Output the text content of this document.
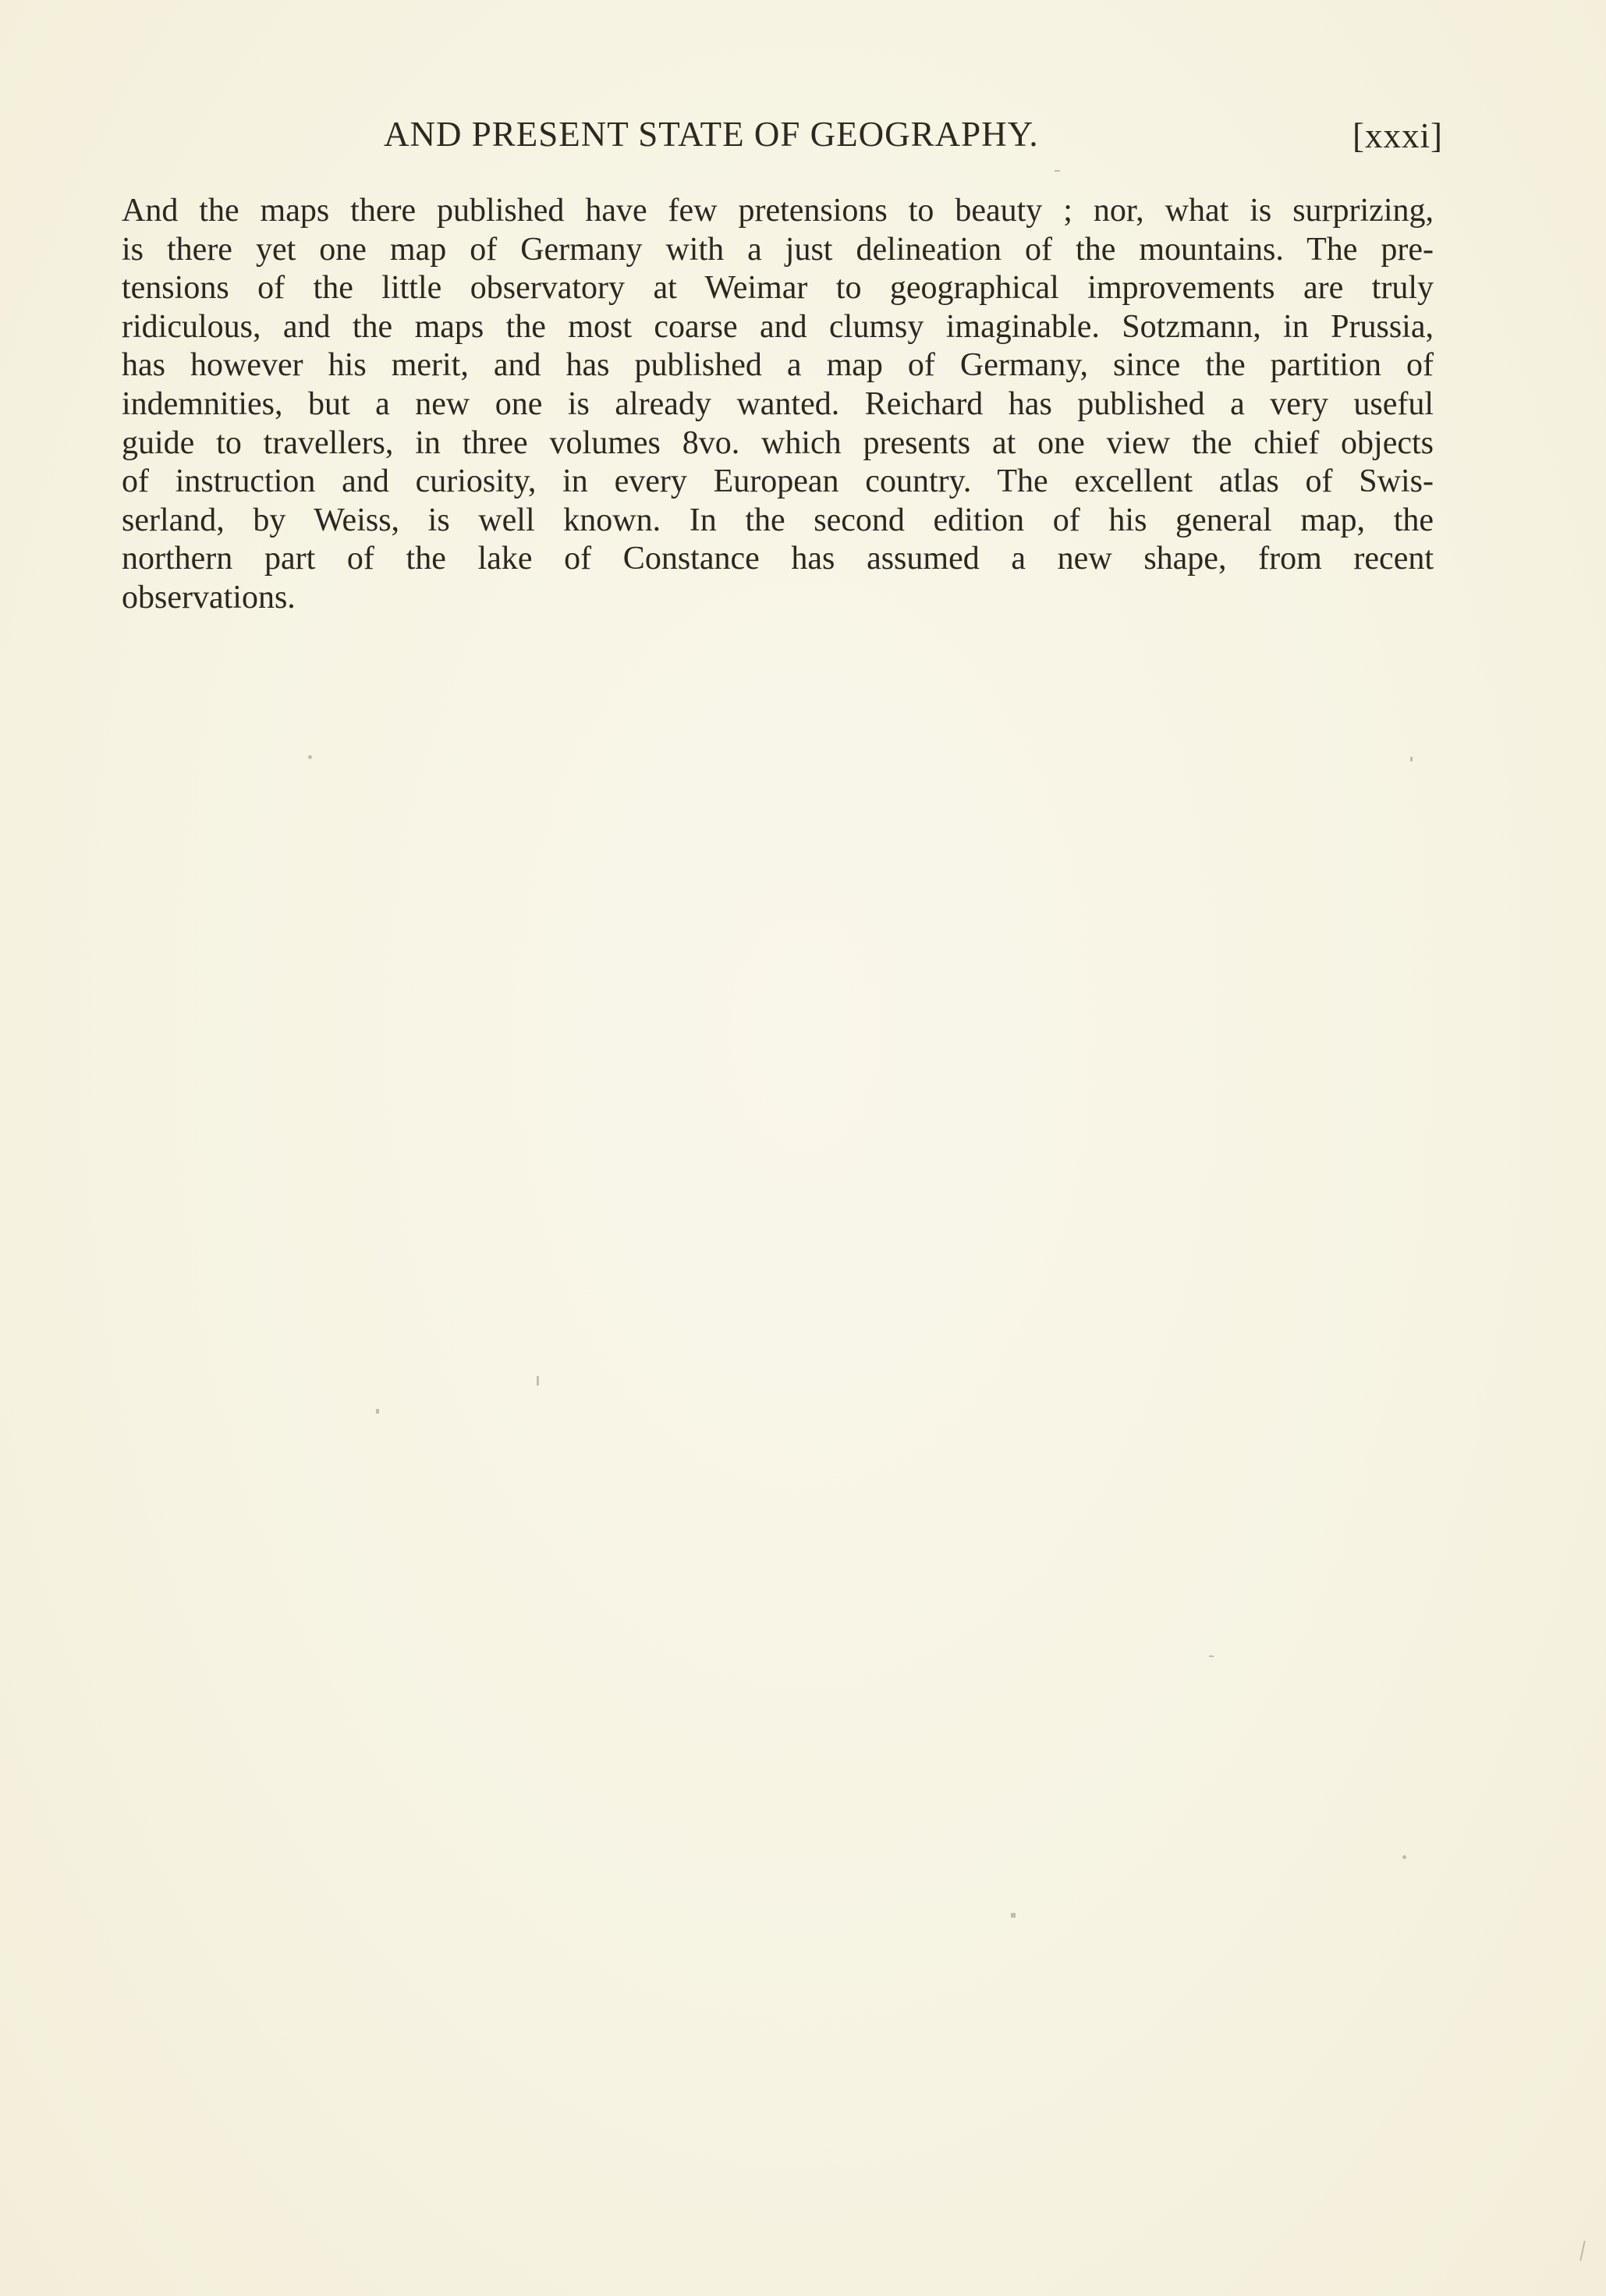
AND PRESENT STATE OF GEOGRAPHY.	[xxxi]
And the maps there published have few pretensions to beauty ; nor, what is surprizing,
is there yet one map of Germany with a just delineation of the mountains. The pre-
tensions of the little observatory at Weimar to geographical improvements are truly
ridiculous, and the maps the most coarse and clumsy imaginable. Sotzmann, in Prussia,
has however his merit, and has published a map of Germany, since the partition of
indemnities, but a new one is already wanted. Reichard has published a very useful
guide to travellers, in three volumes 8vo. which presents at one view the chief objects
of instruction and curiosity, in every European country. The excellent atlas of Swis-
serland, by Weiss, is well known. In the second edition of his general map, the
northern part of the lake of Constance has assumed a new shape, from recent
observations.
